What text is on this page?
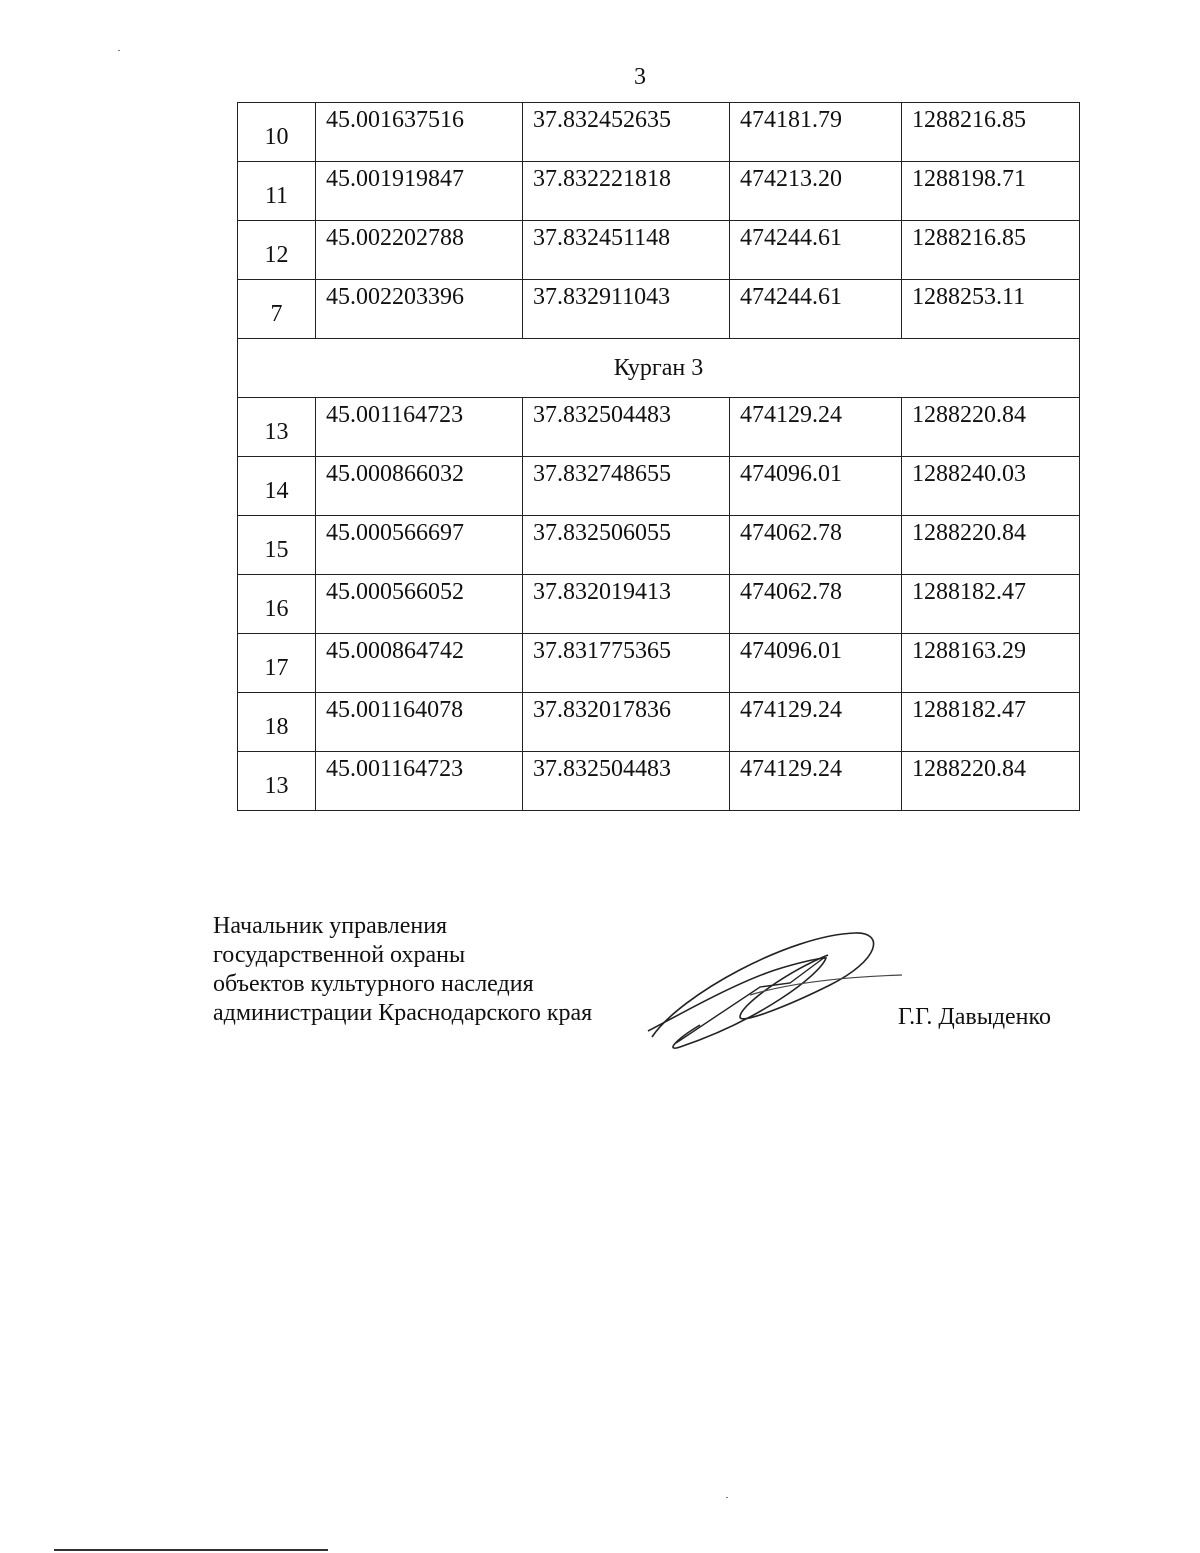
3
10	45.001637516	37.832452635	474181.79	1288216.85
11	45.001919847	37.832221818	474213.20	1288198.71
12	45.002202788	37.832451148	474244.61	1288216.85
7	45.002203396	37.832911043	474244.61	1288253.11
Курган 3				
13	45.001164723	37.832504483	474129.24	1288220.84
14	45.000866032	37.832748655	474096.01	1288240.03
15	45.000566697	37.832506055	474062.78	1288220.84
16	45.000566052	37.832019413	474062.78	1288182.47
17	45.000864742	37.831775365	474096.01	1288163.29
18	45.001164078	37.832017836	474129.24	1288182.47
13	45.001164723	37.832504483	474129.24	1288220.84
Начальник управления
государственной охраны
объектов культурного наследия
администрации Краснодарского края	Г.Г. Давыденко
